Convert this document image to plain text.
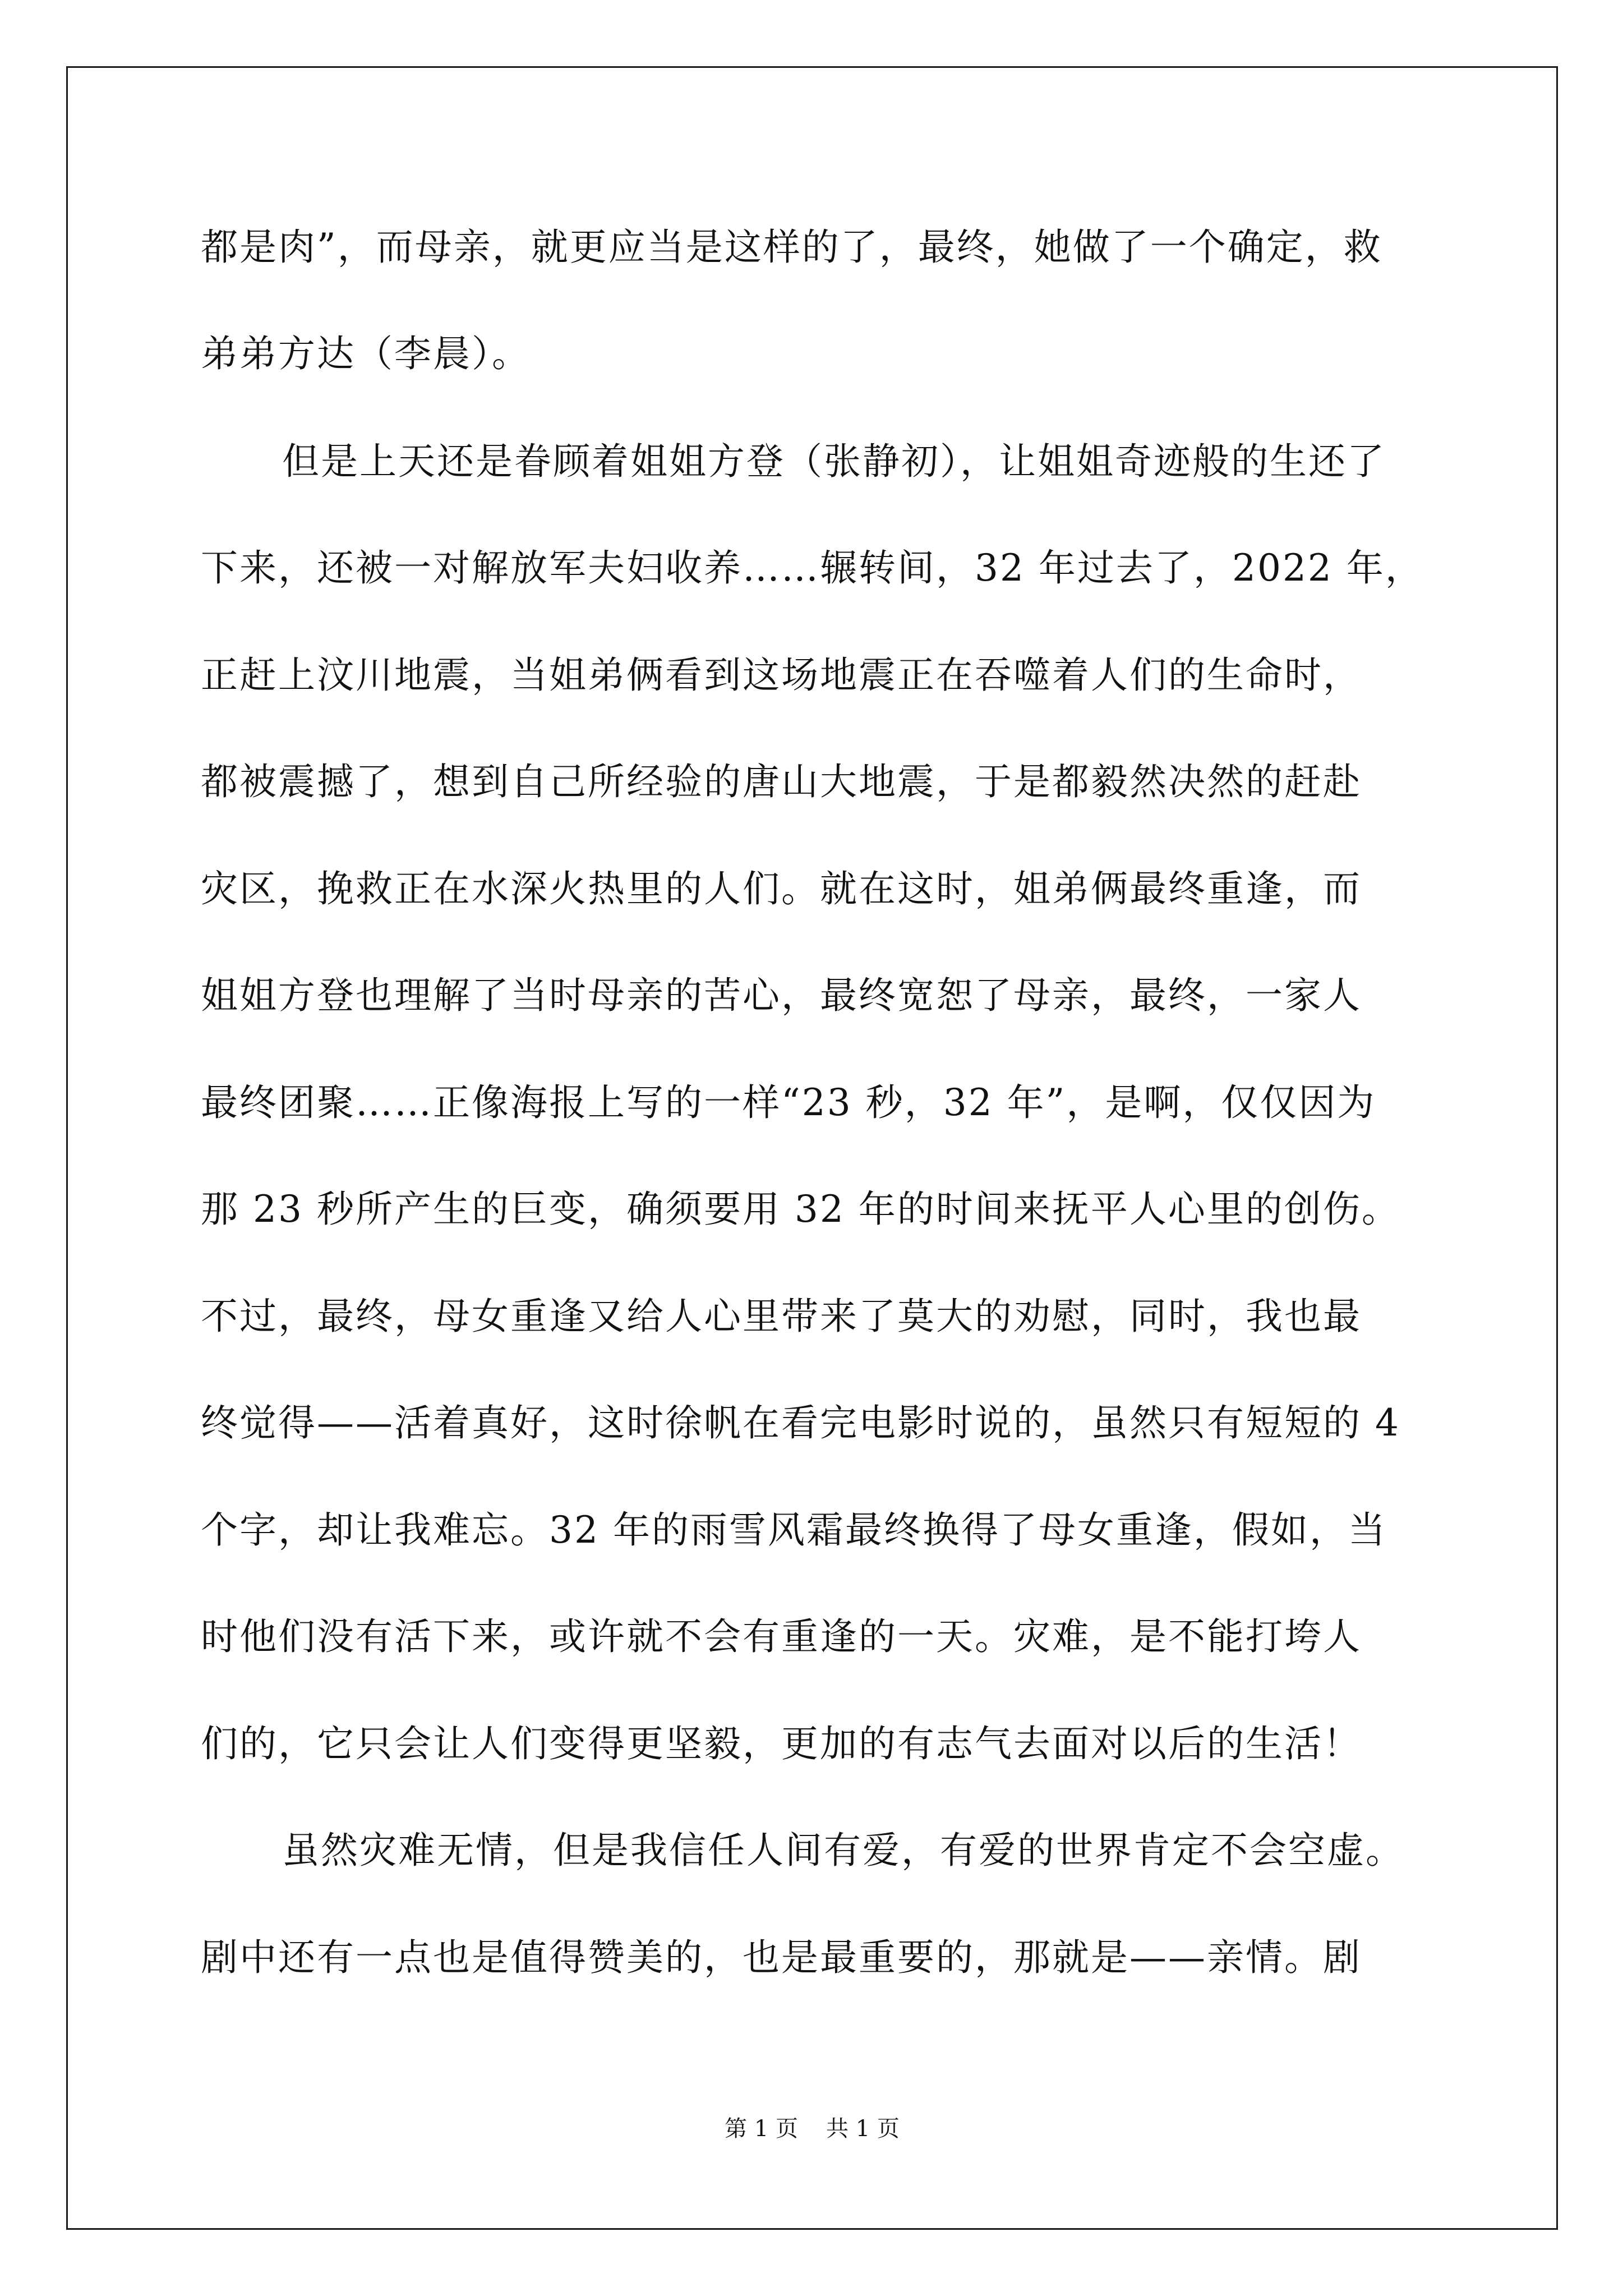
都是肉”，而母亲，就更应当是这样的了，最终，她做了一个确定，救
弟弟方达（李晨）。
但是上天还是眷顾着姐姐方登（张静初），让姐姐奇迹般的生还了
下来，还被一对解放军夫妇收养……辗转间，32 年过去了，2022 年，
正赶上汶川地震，当姐弟俩看到这场地震正在吞噬着人们的生命时，
都被震撼了，想到自己所经验的唐山大地震，于是都毅然决然的赶赴
灾区，挽救正在水深火热里的人们。就在这时，姐弟俩最终重逢，而
姐姐方登也理解了当时母亲的苦心，最终宽恕了母亲，最终，一家人
最终团聚……正像海报上写的一样“23 秒，32 年”，是啊，仅仅因为
那 23 秒所产生的巨变，确须要用 32 年的时间来抚平人心里的创伤。
不过，最终，母女重逢又给人心里带来了莫大的劝慰，同时，我也最
终觉得——活着真好，这时徐帆在看完电影时说的，虽然只有短短的 4
个字，却让我难忘。32 年的雨雪风霜最终换得了母女重逢，假如，当
时他们没有活下来，或许就不会有重逢的一天。灾难，是不能打垮人
们的，它只会让人们变得更坚毅，更加的有志气去面对以后的生活！
虽然灾难无情，但是我信任人间有爱，有爱的世界肯定不会空虚。
剧中还有一点也是值得赞美的，也是最重要的，那就是——亲情。剧
第 1 页 共 1 页
